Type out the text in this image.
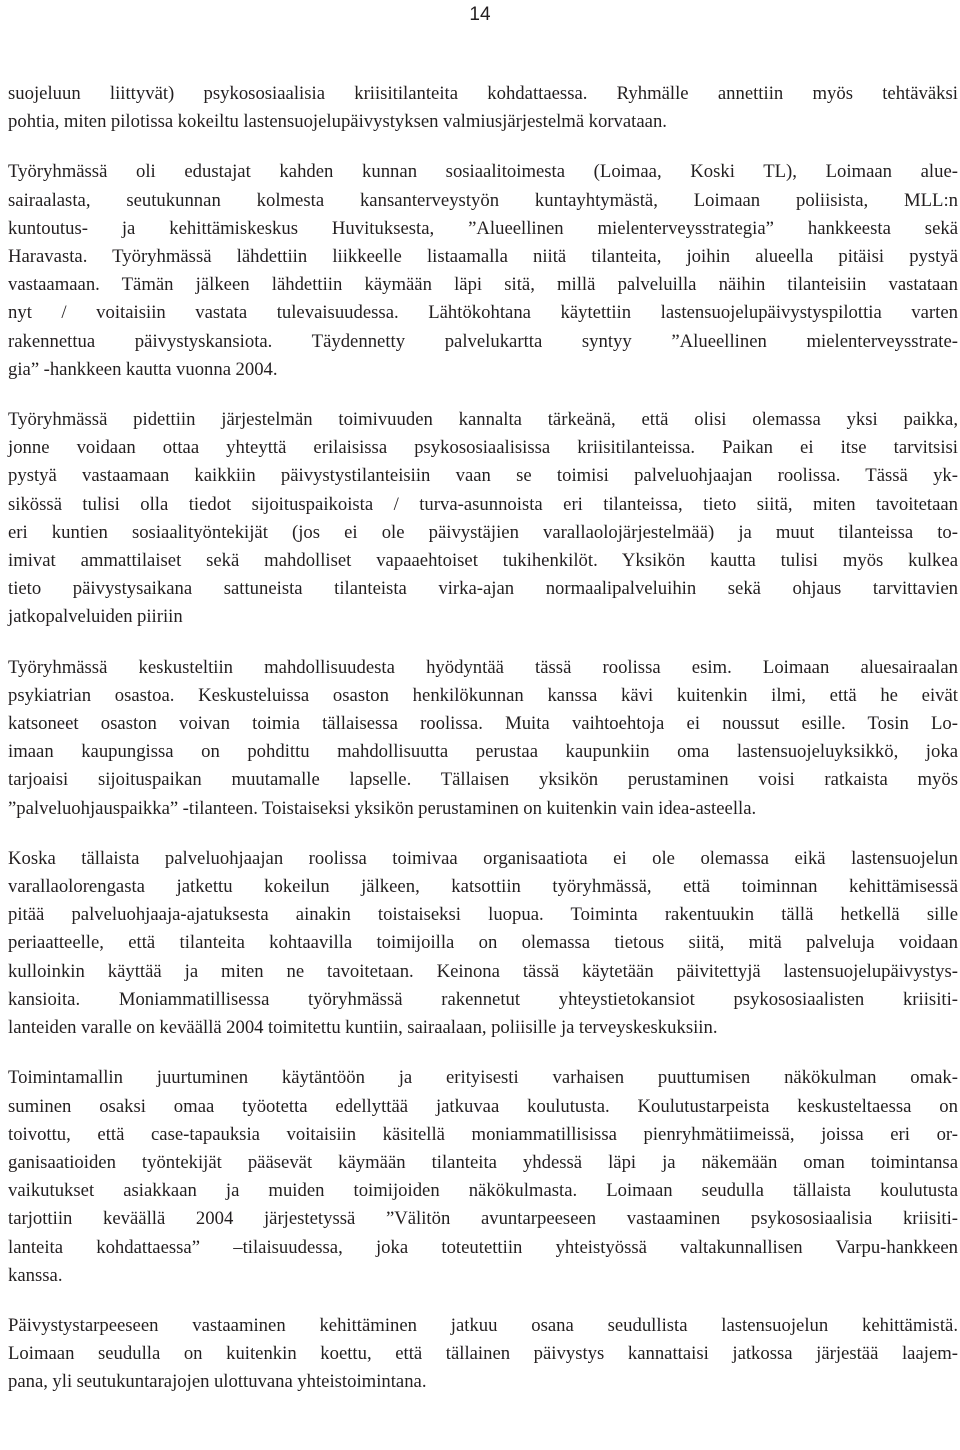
14

suojeluun liittyvät) psykososiaalisia kriisitilanteita kohdattaessa. Ryhmälle annettiin myös tehtäväksi
pohtia, miten pilotissa kokeiltu lastensuojelupäivystyksen valmiusjärjestelmä korvataan.

Työryhmässä oli edustajat kahden kunnan sosiaalitoimesta (Loimaa, Koski TL), Loimaan alue-
sairaalasta, seutukunnan kolmesta kansanterveystyön kuntayhtymästä, Loimaan poliisista, MLL:n
kuntoutus- ja kehittämiskeskus Huvituksesta, ”Alueellinen mielenterveysstrategia” hankkeesta sekä
Haravasta. Työryhmässä lähdettiin liikkeelle listaamalla niitä tilanteita, joihin alueella pitäisi pystyä
vastaamaan. Tämän jälkeen lähdettiin käymään läpi sitä, millä palveluilla näihin tilanteisiin vastataan
nyt / voitaisiin vastata tulevaisuudessa. Lähtökohtana käytettiin lastensuojelupäivystyspilottia varten
rakennettua päivystyskansiota. Täydennetty palvelukartta syntyy ”Alueellinen mielenterveysstrate-
gia” -hankkeen kautta vuonna 2004.

Työryhmässä pidettiin järjestelmän toimivuuden kannalta tärkeänä, että olisi olemassa yksi paikka,
jonne voidaan ottaa yhteyttä erilaisissa psykososiaalisissa kriisitilanteissa. Paikan ei itse tarvitsisi
pystyä vastaamaan kaikkiin päivystystilanteisiin vaan se toimisi palveluohjaajan roolissa. Tässä yk-
sikössä tulisi olla tiedot sijoituspaikoista / turva-asunnoista eri tilanteissa, tieto siitä, miten tavoitetaan
eri kuntien sosiaalityöntekijät (jos ei ole päivystäjien varallaolojärjestelmää) ja muut tilanteissa to-
imivat ammattilaiset sekä mahdolliset vapaaehtoiset tukihenkilöt. Yksikön kautta tulisi myös kulkea
tieto päivystysaikana sattuneista tilanteista virka-ajan normaalipalveluihin sekä ohjaus tarvittavien
jatkopalveluiden piiriin

Työryhmässä keskusteltiin mahdollisuudesta hyödyntää tässä roolissa esim. Loimaan aluesairaalan
psykiatrian osastoa. Keskusteluissa osaston henkilökunnan kanssa kävi kuitenkin ilmi, että he eivät
katsoneet osaston voivan toimia tällaisessa roolissa. Muita vaihtoehtoja ei noussut esille. Tosin Lo-
imaan kaupungissa on pohdittu mahdollisuutta perustaa kaupunkiin oma lastensuojeluyksikkö, joka
tarjoaisi sijoituspaikan muutamalle lapselle. Tällaisen yksikön perustaminen voisi ratkaista myös
”palveluohjauspaikka” -tilanteen. Toistaiseksi yksikön perustaminen on kuitenkin vain idea-asteella.

Koska tällaista palveluohjaajan roolissa toimivaa organisaatiota ei ole olemassa eikä lastensuojelun
varallaolorengasta jatkettu kokeilun jälkeen, katsottiin työryhmässä, että toiminnan kehittämisessä
pitää palveluohjaaja-ajatuksesta ainakin toistaiseksi luopua. Toiminta rakentuukin tällä hetkellä sille
periaatteelle, että tilanteita kohtaavilla toimijoilla on olemassa tietous siitä, mitä palveluja voidaan
kulloinkin käyttää ja miten ne tavoitetaan. Keinona tässä käytetään päivitettyjä lastensuojelupäivystys-
kansioita. Moniammatillisessa työryhmässä rakennetut yhteystietokansiot psykososiaalisten kriisiti-
lanteiden varalle on keväällä 2004 toimitettu kuntiin, sairaalaan, poliisille ja terveyskeskuksiin.

Toimintamallin juurtuminen käytäntöön ja erityisesti varhaisen puuttumisen näkökulman omak-
suminen osaksi omaa työotetta edellyttää jatkuvaa koulutusta. Koulutustarpeista keskusteltaessa on
toivottu, että case-tapauksia voitaisiin käsitellä moniammatillisissa pienryhmätiimeissä, joissa eri or-
ganisaatioiden työntekijät pääsevät käymään tilanteita yhdessä läpi ja näkemään oman toimintansa
vaikutukset asiakkaan ja muiden toimijoiden näkökulmasta. Loimaan seudulla tällaista koulutusta
tarjottiin keväällä 2004 järjestetyssä ”Välitön avuntarpeeseen vastaaminen psykososiaalisia kriisiti-
lanteita kohdattaessa” –tilaisuudessa, joka toteutettiin yhteistyössä valtakunnallisen Varpu-hankkeen
kanssa.

Päivystystarpeeseen vastaaminen kehittäminen jatkuu osana seudullista lastensuojelun kehittämistä.
Loimaan seudulla on kuitenkin koettu, että tällainen päivystys kannattaisi jatkossa järjestää laajem-
pana, yli seutukuntarajojen ulottuvana yhteistoimintana.
